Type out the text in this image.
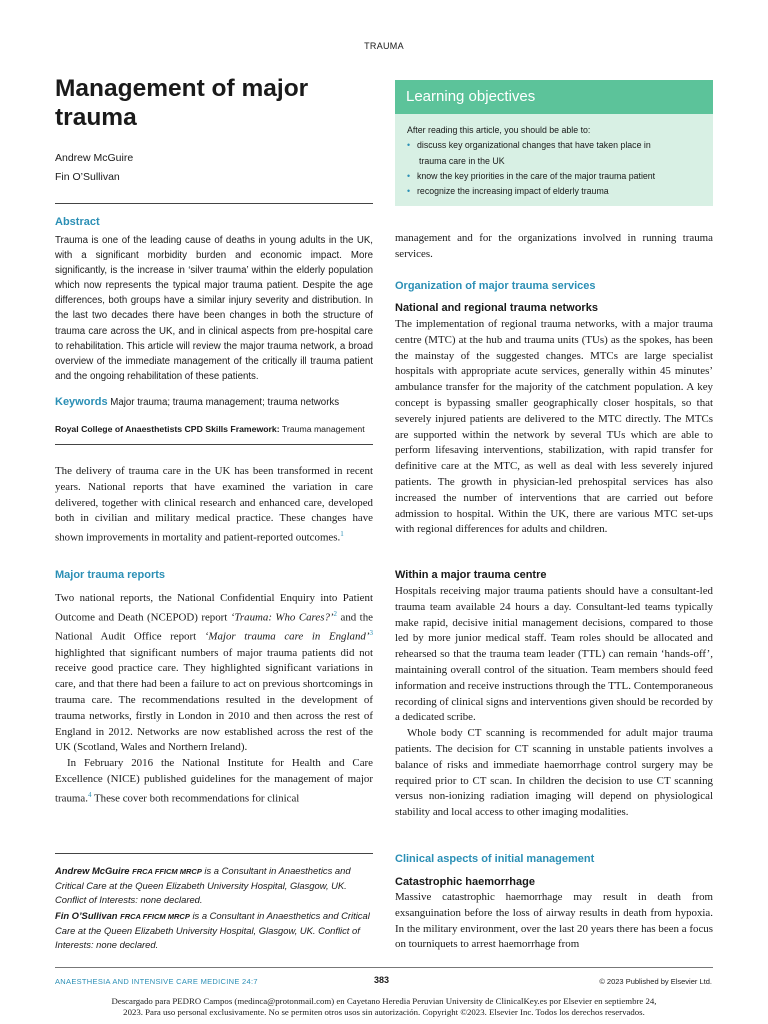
TRAUMA
Management of major trauma
Andrew McGuire
Fin O’Sullivan
Abstract

Trauma is one of the leading cause of deaths in young adults in the UK, with a significant morbidity burden and economic impact. More significantly, is the increase in ‘silver trauma’ within the elderly population which now represents the typical major trauma patient. Despite the age differences, both groups have a similar injury severity and distribution. In the last two decades there have been changes in both the structure of trauma care across the UK, and in clinical aspects from pre-hospital care to rehabilitation. This article will review the major trauma network, a broad overview of the immediate management of the critically ill trauma patient and the ongoing rehabilitation of these patients.

Keywords Major trauma; trauma management; trauma networks
Royal College of Anaesthetists CPD Skills Framework: Trauma management
Learning objectives
After reading this article, you should be able to:
• discuss key organizational changes that have taken place in
trauma care in the UK
• know the key priorities in the care of the major trauma patient
• recognize the increasing impact of elderly trauma

The delivery of trauma care in the UK has been transformed in recent years. National reports that have examined the variation in care delivered, together with clinical research and enhanced care, developed both in civilian and military medical practice. These changes have shown improvements in mortality and patient-reported outcomes.$^1$

Major trauma reports

Two national reports, the National Confidential Enquiry into Patient Outcome and Death (NCEPOD) report ‘Trauma: Who Cares?’$^2$ and the National Audit Office report ‘Major trauma care in England’$^3$ highlighted that significant numbers of major trauma patients did not receive good practice care. They highlighted significant variations in care, and that there had been a failure to act on previous shortcomings in trauma care. The recommendations resulted in the development of trauma networks, firstly in London in 2010 and then across the rest of England in 2012. Networks are now established across the rest of the UK (Scotland, Wales and Northern Ireland).
In February 2016 the National Institute for Health and Care Excellence (NICE) published guidelines for the management of major trauma.$^4$ These cover both recommendations for clinical

Andrew McGuire FRCA FFICM MRCP is a Consultant in Anaesthetics and Critical Care at the Queen Elizabeth University Hospital, Glasgow, UK. Conflict of Interests: none declared.

Fin O’Sullivan FRCA FFICM MRCP is a Consultant in Anaesthetics and Critical Care at the Queen Elizabeth University Hospital, Glasgow, UK. Conflict of Interests: none declared.

management and for the organizations involved in running trauma services.

Organization of major trauma services
National and regional trauma networks

The implementation of regional trauma networks, with a major trauma centre (MTC) at the hub and trauma units (TUs) as the spokes, has been the mainstay of the suggested changes. MTCs are large specialist hospitals with appropriate acute services, generally within 45 minutes’ ambulance transfer for the majority of the catchment population. A key concept is bypassing smaller geographically closer hospitals, so that severely injured patients are delivered to the MTC directly. The MTCs are supported within the network by several TUs which are able to perform lifesaving interventions, stabilization, with rapid transfer for definitive care at the MTC, as well as deal with less severely injured patients. The growth in physician-led prehospital services has also increased the number of interventions that are carried out before admission to hospital. Within the UK, there are various MTC set-ups with regional differences for adults and children.

Within a major trauma centre

Hospitals receiving major trauma patients should have a consultant-led trauma team available 24 hours a day. Consultant-led teams typically make rapid, decisive initial management decisions, compared to those led by more junior medical staff. Team roles should be allocated and rehearsed so that the trauma team leader (TTL) can remain ‘hands-off’, maintaining overall control of the situation. Team members should feed information and receive instructions through the TTL. Contemporaneous recording of clinical signs and interventions given should be recorded by a dedicated scribe.
Whole body CT scanning is recommended for adult major trauma patients. The decision for CT scanning in unstable patients involves a balance of risks and immediate haemorrhage control surgery may be required prior to CT scan. In children the decision to use CT scanning versus non-ionizing radiation imaging will depend on physiological stability and local access to other imaging modalities.

Clinical aspects of initial management
Catastrophic haemorrhage

Massive catastrophic haemorrhage may result in death from exsanguination before the loss of airway results in death from hypoxia. In the military environment, over the last 20 years there has been a focus on tourniquets to arrest haemorrhage from

ANAESTHESIA AND INTENSIVE CARE MEDICINE 24:7	383	© 2023 Published by Elsevier Ltd.
Descargado para PEDRO Campos (medinca@protonmail.com) en Cayetano Heredia Peruvian University de ClinicalKey.es por Elsevier en septiembre 24,
2023. Para uso personal exclusivamente. No se permiten otros usos sin autorización. Copyright ©2023. Elsevier Inc. Todos los derechos reservados.
